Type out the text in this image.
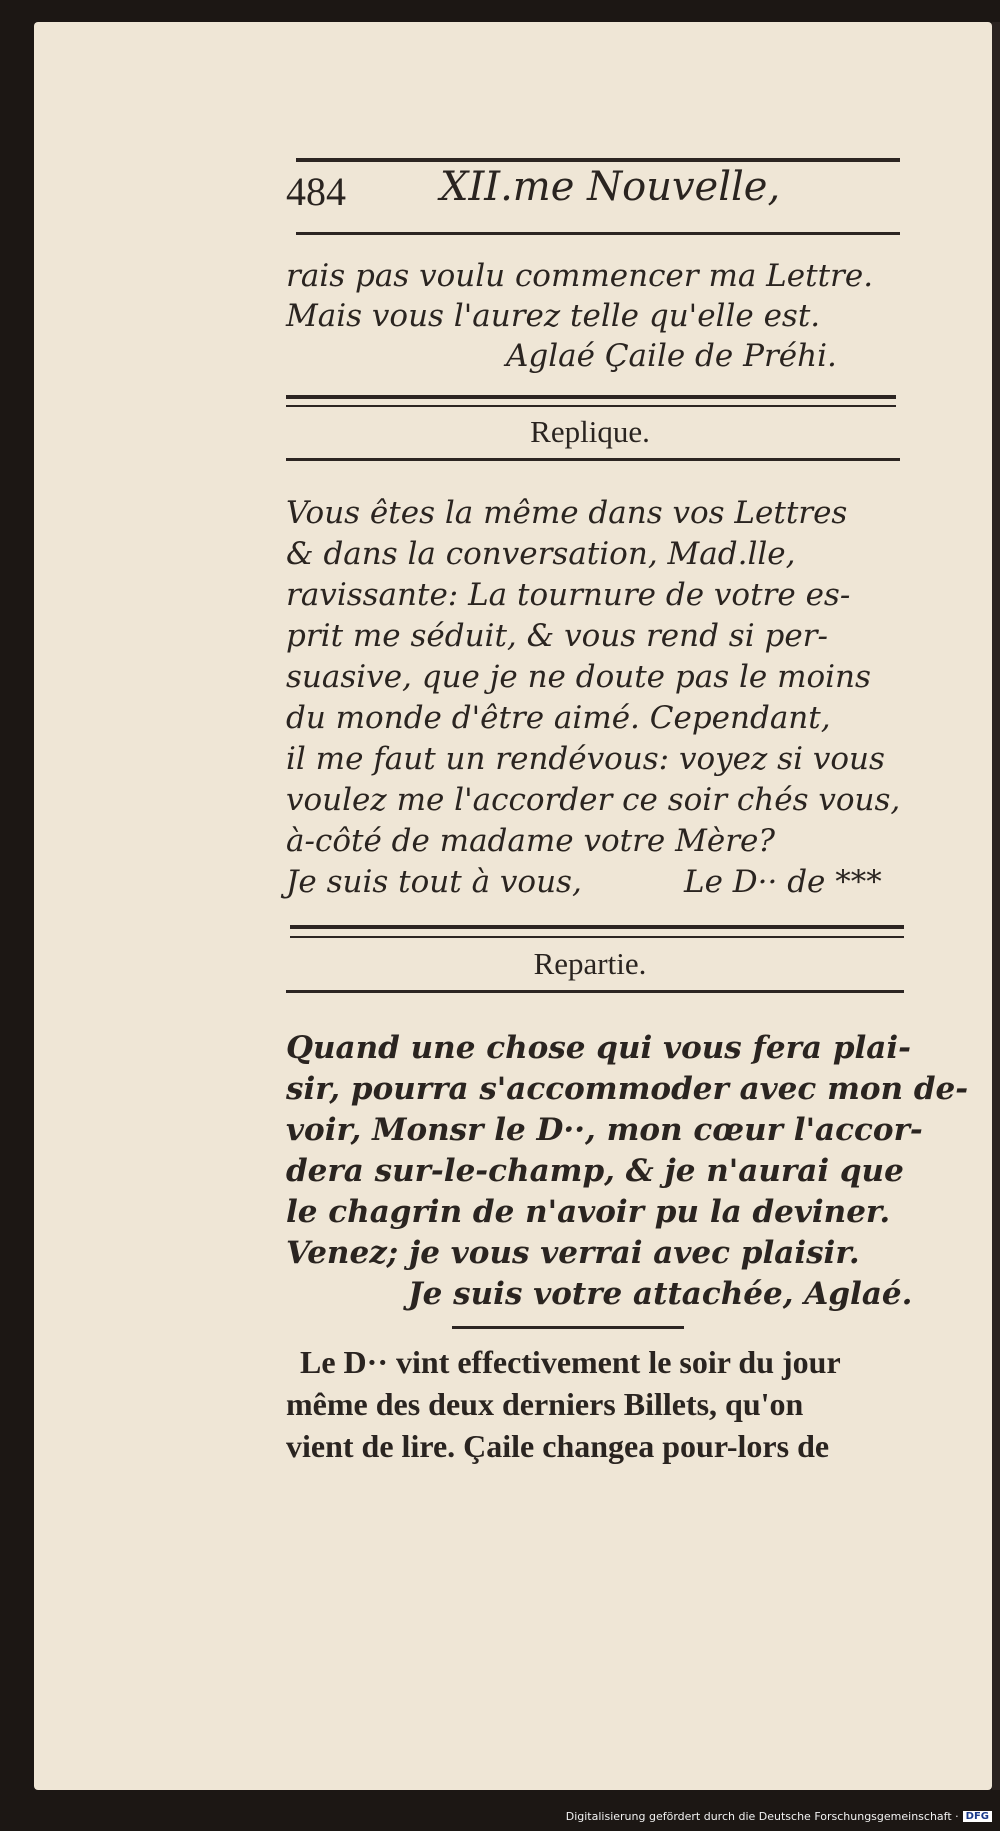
484 XII.me Nouvelle,
rais pas voulu commencer ma Lettre.
Mais vous l'aurez telle qu'elle est.
Aglaé Çaile de Préhi.
Replique.
Vous êtes la même dans vos Lettres
& dans la conversation, Mad.lle,
ravissante: La tournure de votre es-
prit me séduit, & vous rend si per-
suasive, que je ne doute pas le moins
du monde d'être aimé. Cependant,
il me faut un rendévous: voyez si vous
voulez me l'accorder ce soir chés vous,
à-côté de madame votre Mère?
Je suis tout à vous,	Le D·· de ***
Repartie.
Quand une chose qui vous fera plai-
sir, pourra s'accommoder avec mon de-
voir, Monsr le D··, mon cœur l'accor-
dera sur-le-champ, & je n'aurai que
le chagrin de n'avoir pu la deviner.
Venez; je vous verrai avec plaisir.
Je suis votre attachée, Aglaé.
Le D·· vint effectivement le soir du jour
même des deux derniers Billets, qu'on
vient de lire. Çaile changea pour-lors de
Digitalisierung gefördert durch die Deutsche Forschungsgemeinschaft · DFG
